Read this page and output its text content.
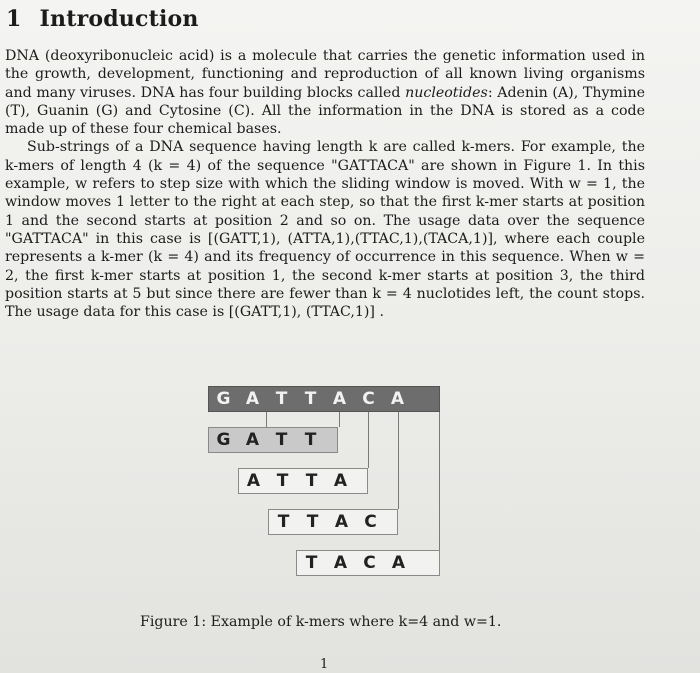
1 Introduction

DNA (deoxyribonucleic acid) is a molecule that carries the genetic information used in the growth, development, functioning and reproduction of all known living organisms and many viruses. DNA has four building blocks called nucleotides: Adenin (A), Thymine (T), Guanin (G) and Cytosine (C). All the information in the DNA is stored as a code made up of these four chemical bases.

Sub-strings of a DNA sequence having length k are called k-mers. For example, the k-mers of length 4 (k = 4) of the sequence "GATTACA" are shown in Figure 1. In this example, w refers to step size with which the sliding window is moved. With w = 1, the window moves 1 letter to the right at each step, so that the first k-mer starts at position 1 and the second starts at position 2 and so on. The usage data over the sequence "GATTACA" in this case is [(GATT,1), (ATTA,1),(TTAC,1),(TACA,1)], where each couple represents a k-mer (k = 4) and its frequency of occurrence in this sequence. When w = 2, the first k-mer starts at position 1, the second k-mer starts at position 3, the third position starts at 5 but since there are fewer than k = 4 nuclotides left, the count stops. The usage data for this case is [(GATT,1), (TTAC,1)] .

G A T	T A C A
G A T	T
A T	T A
T	T A C
T A C A
Figure 1: Example of k-mers where k=4 and w=1.
1
